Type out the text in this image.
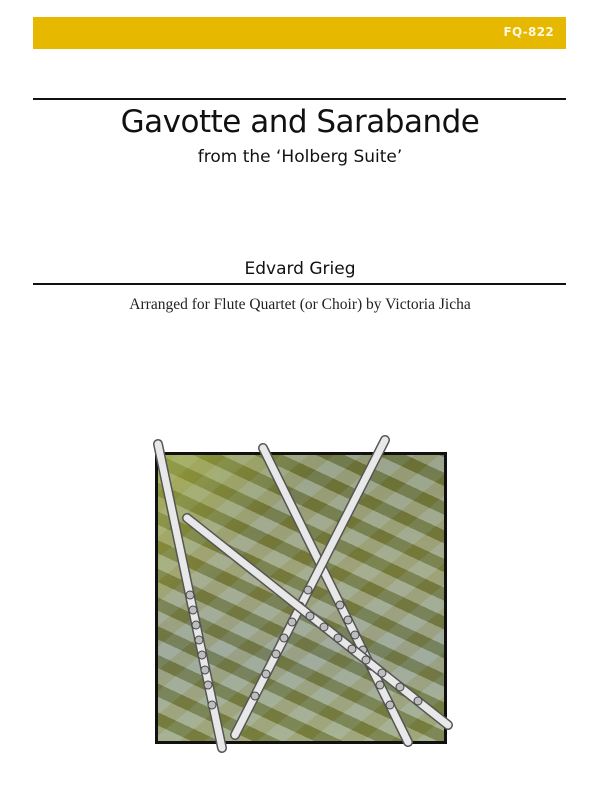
FQ-822
Gavotte and Sarabande
from the ‘Holberg Suite’
Edvard Grieg
Arranged for Flute Quartet (or Choir) by Victoria Jicha
